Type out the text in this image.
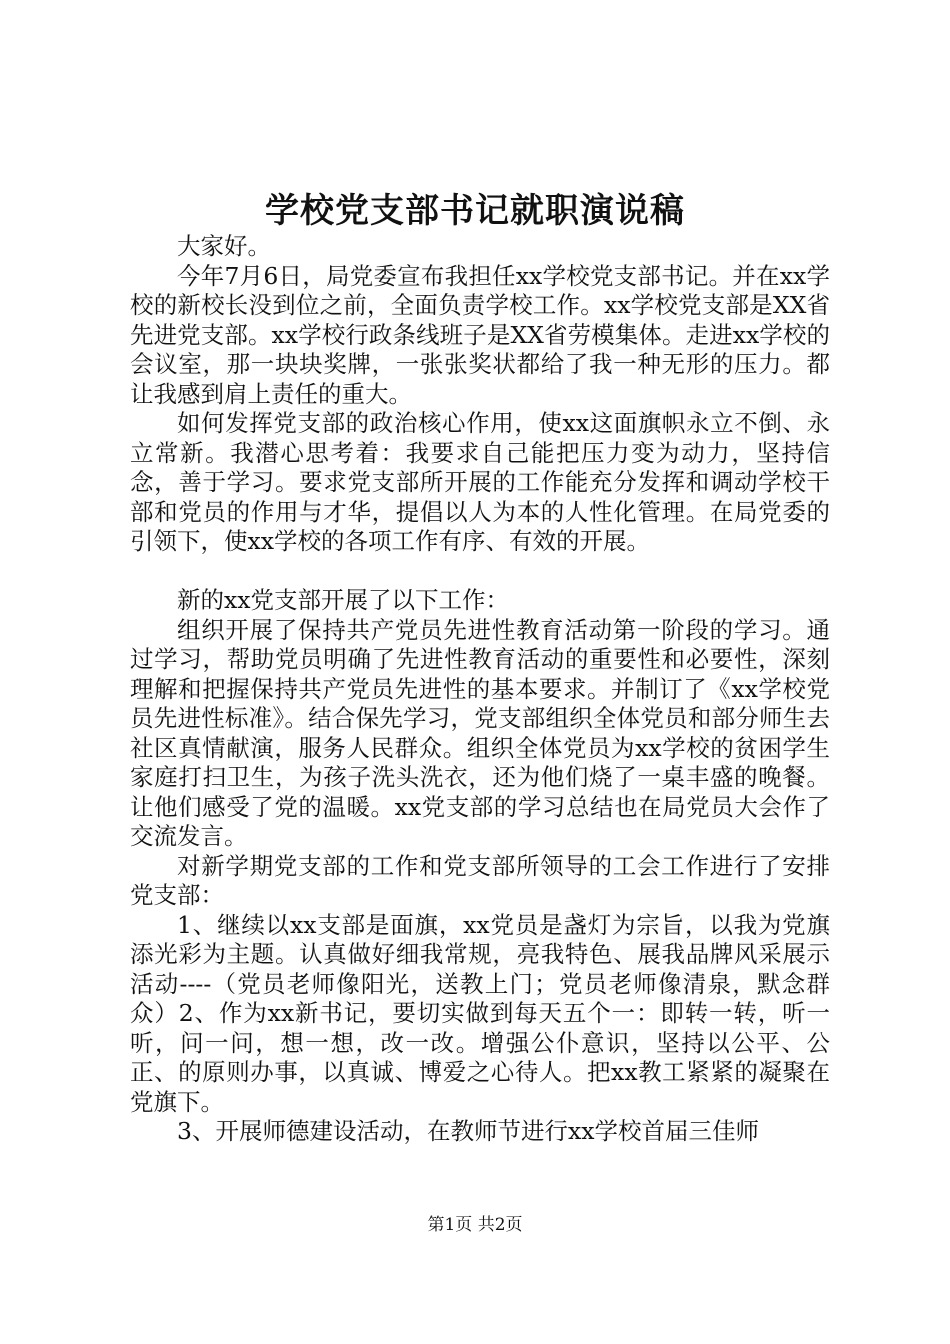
学校党支部书记就职演说稿

大家好。

今年7月6日，局党委宣布我担任xx学校党支部书记。并在xx学校的新校长没到位之前，全面负责学校工作。xx学校党支部是XX省先进党支部。xx学校行政条线班子是XX省劳模集体。走进xx学校的会议室，那一块块奖牌，一张张奖状都给了我一种无形的压力。都让我感到肩上责任的重大。

如何发挥党支部的政治核心作用，使xx这面旗帜永立不倒、永立常新。我潜心思考着：我要求自己能把压力变为动力，坚持信念，善于学习。要求党支部所开展的工作能充分发挥和调动学校干部和党员的作用与才华，提倡以人为本的人性化管理。在局党委的引领下，使xx学校的各项工作有序、有效的开展。

新的xx党支部开展了以下工作：

组织开展了保持共产党员先进性教育活动第一阶段的学习。通过学习，帮助党员明确了先进性教育活动的重要性和必要性，深刻理解和把握保持共产党员先进性的基本要求。并制订了《xx学校党员先进性标准》。结合保先学习，党支部组织全体党员和部分师生去社区真情献演，服务人民群众。组织全体党员为xx学校的贫困学生家庭打扫卫生，为孩子洗头洗衣，还为他们烧了一桌丰盛的晚餐。让他们感受了党的温暖。xx党支部的学习总结也在局党员大会作了交流发言。

对新学期党支部的工作和党支部所领导的工会工作进行了安排党支部：

1、继续以xx支部是面旗，xx党员是盏灯为宗旨，以我为党旗添光彩为主题。认真做好细我常规，亮我特色、展我品牌风采展示活动----（党员老师像阳光，送教上门；党员老师像清泉，默念群众）2、作为xx新书记，要切实做到每天五个一：即转一转，听一听，问一问，想一想，改一改。增强公仆意识，坚持以公平、公正、的原则办事，以真诚、博爱之心待人。把xx教工紧紧的凝聚在党旗下。

3、开展师德建设活动，在教师节进行xx学校首届三佳师

第1页 共2页
